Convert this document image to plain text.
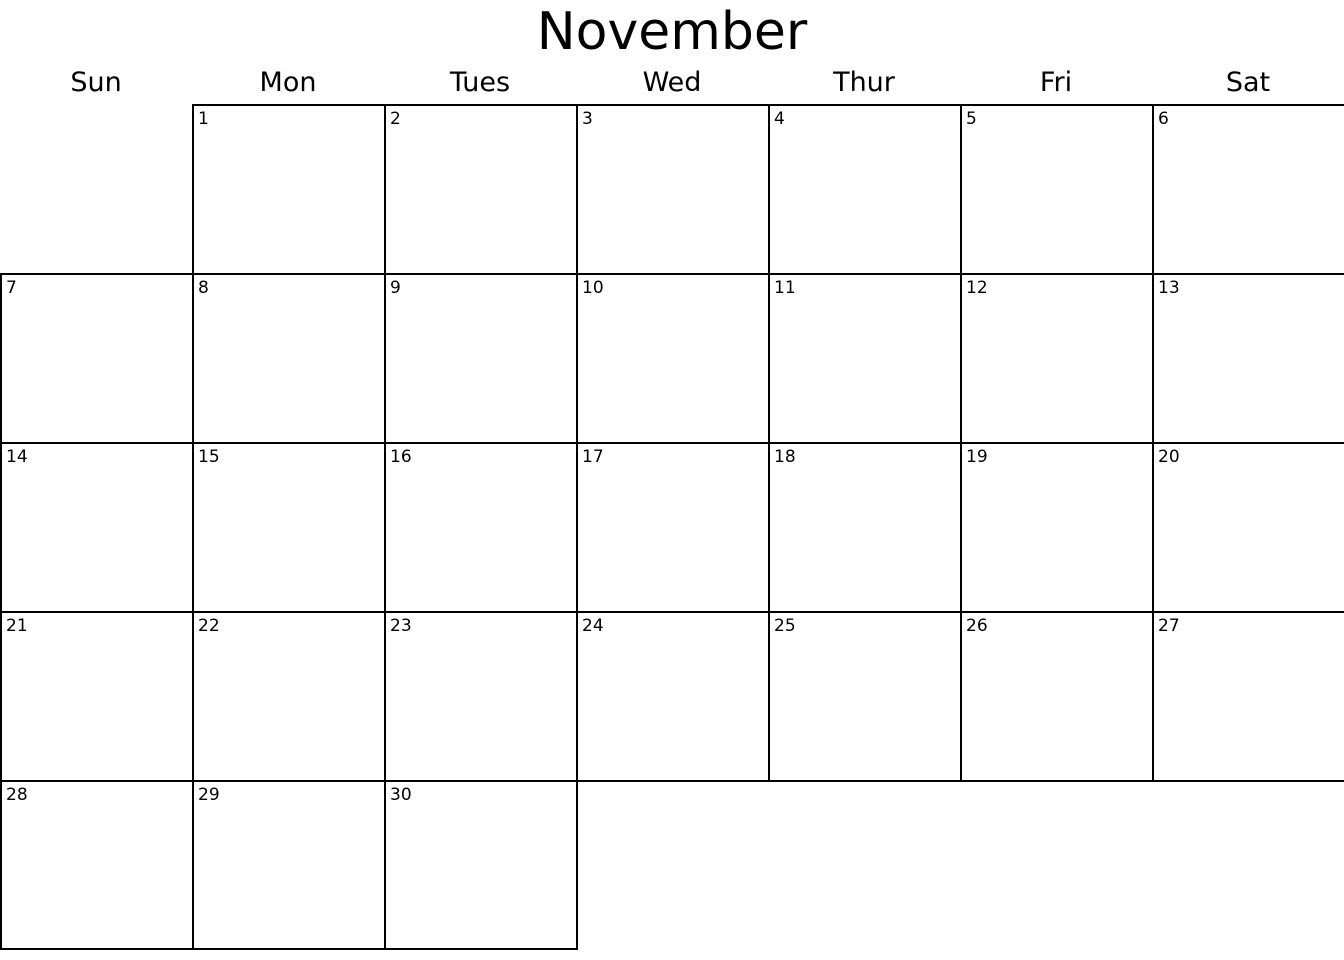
November
Sun	Mon	Tues	Wed	Thur	Fri	Sat

	1	2	3	4	5	6

7	8	9	10	11	12	13

14	15	16	17	18	19	20

21	22	23	24	25	26	27

28	29	30				
